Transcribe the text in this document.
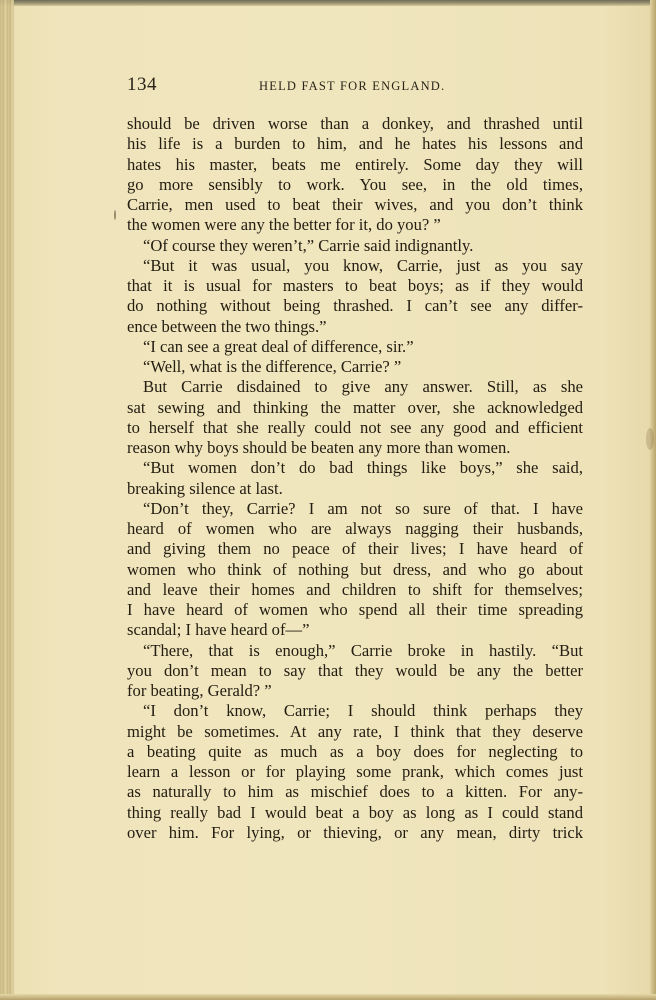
134	HELD FAST FOR ENGLAND.
should be driven worse than a donkey, and thrashed until
his life is a burden to him, and he hates his lessons and
hates his master, beats me entirely. Some day they will
go more sensibly to work. You see, in the old times,
Carrie, men used to beat their wives, and you don’t think
the women were any the better for it, do you? ”
“Of course they weren’t,” Carrie said indignantly.
“But it was usual, you know, Carrie, just as you say
that it is usual for masters to beat boys; as if they would
do nothing without being thrashed. I can’t see any differ-
ence between the two things.”
“I can see a great deal of difference, sir.”
“Well, what is the difference, Carrie? ”
But Carrie disdained to give any answer. Still, as she
sat sewing and thinking the matter over, she acknowledged
to herself that she really could not see any good and efficient
reason why boys should be beaten any more than women.
“But women don’t do bad things like boys,” she said,
breaking silence at last.
“Don’t they, Carrie? I am not so sure of that. I have
heard of women who are always nagging their husbands,
and giving them no peace of their lives; I have heard of
women who think of nothing but dress, and who go about
and leave their homes and children to shift for themselves;
I have heard of women who spend all their time spreading
scandal; I have heard of—”
“There, that is enough,” Carrie broke in hastily. “But
you don’t mean to say that they would be any the better
for beating, Gerald? ”
“I don’t know, Carrie; I should think perhaps they
might be sometimes. At any rate, I think that they deserve
a beating quite as much as a boy does for neglecting to
learn a lesson or for playing some prank, which comes just
as naturally to him as mischief does to a kitten. For any-
thing really bad I would beat a boy as long as I could stand
over him. For lying, or thieving, or any mean, dirty trick
